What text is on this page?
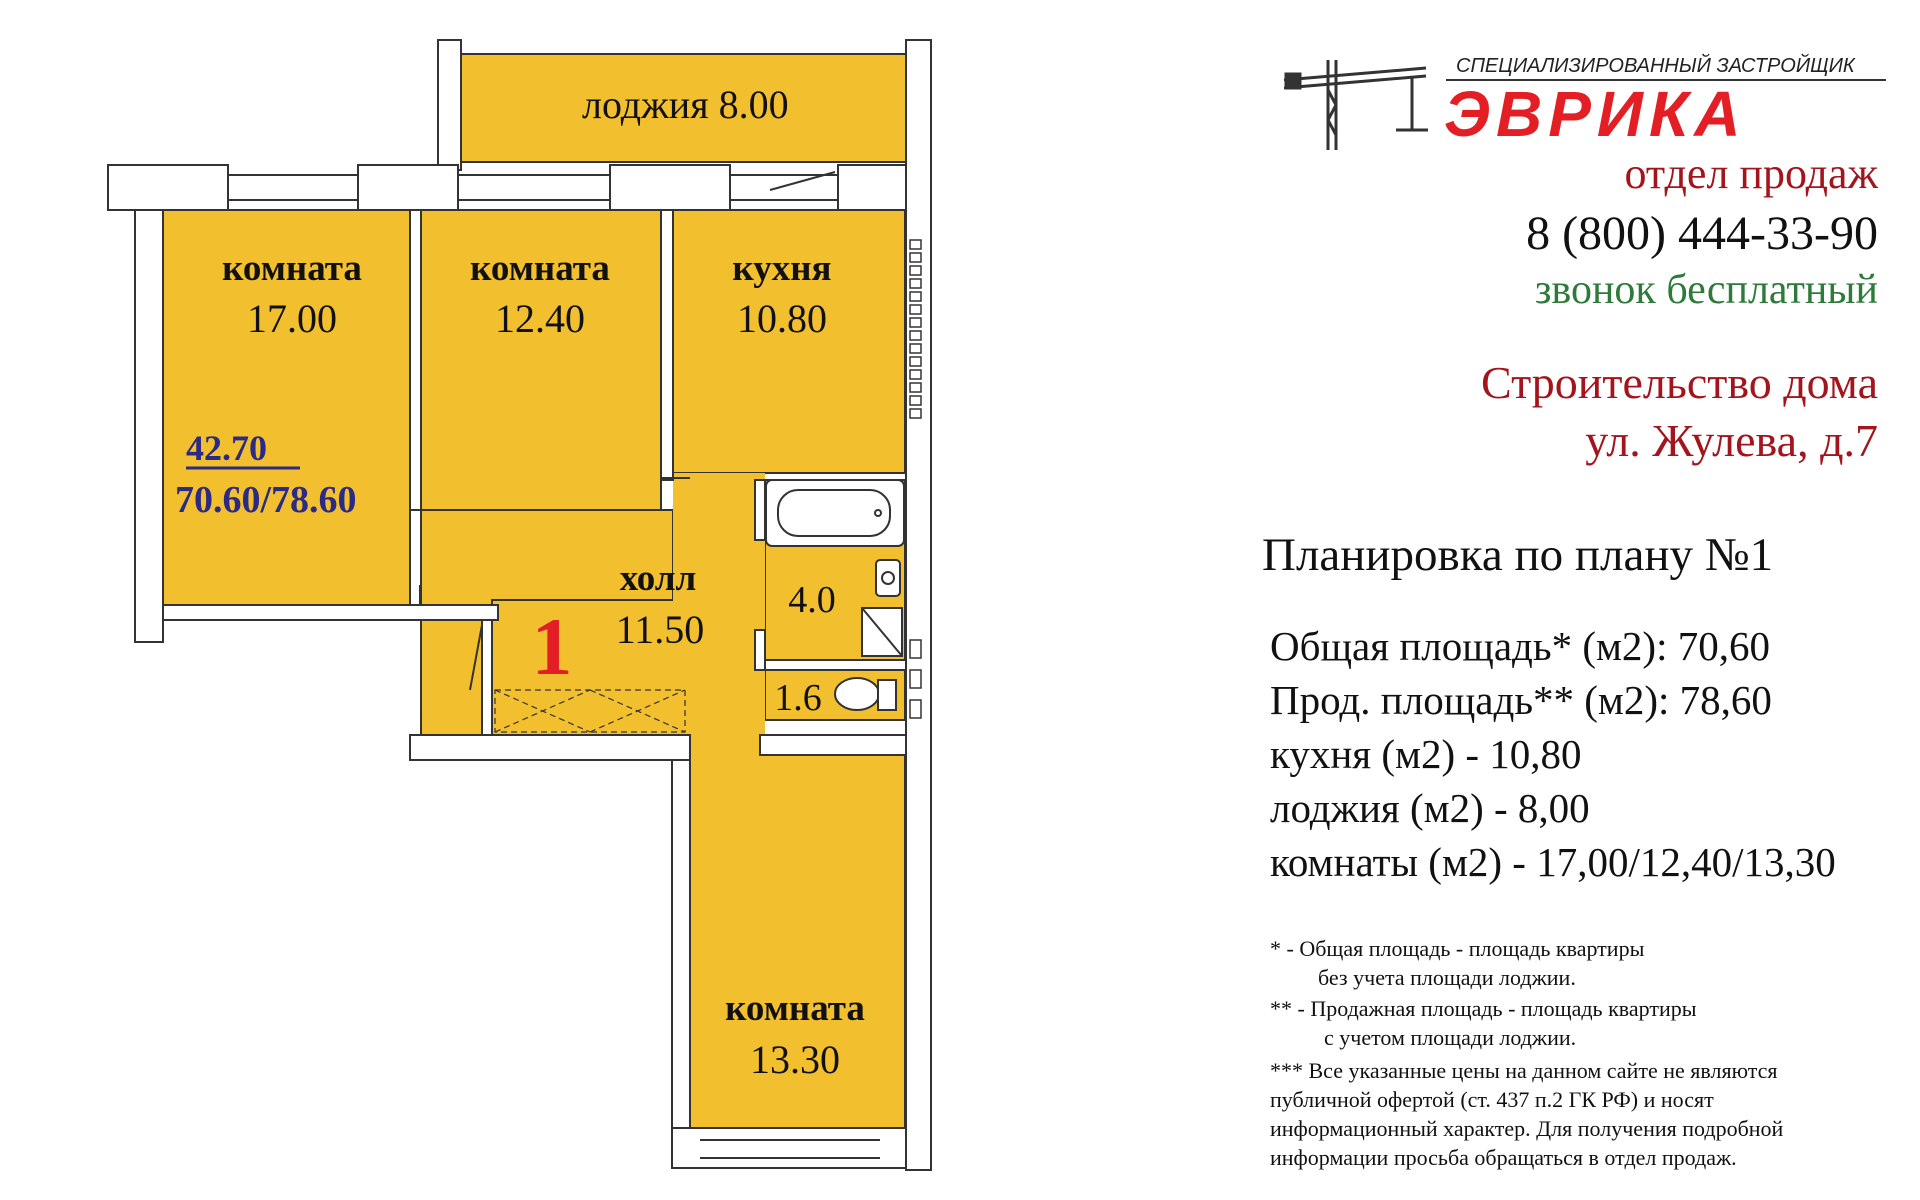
лоджия 8.00
комната
17.00
комната
12.40
кухня
10.80
42.70
70.60/78.60
холл
11.50
1
4.0
1.6
комната
13.30
СПЕЦИАЛИЗИРОВАННЫЙ ЗАСТРОЙЩИК
ЭВРИКА
отдел продаж
8 (800) 444-33-90
звонок бесплатный
Строительство дома
ул. Жулева, д.7
Планировка по плану №1
Общая площадь* (м2): 70,60
Прод. площадь** (м2): 78,60
кухня (м2) - 10,80
лоджия (м2) - 8,00
комнаты (м2) - 17,00/12,40/13,30
* - Общая площадь - площадь квартиры
без учета площади лоджии.
** - Продажная площадь - площадь квартиры
с учетом площади лоджии.
*** Все указанные цены на данном сайте не являются
публичной офертой (ст. 437 п.2 ГК РФ) и носят
информационный характер. Для получения подробной
информации просьба обращаться в отдел продаж.
